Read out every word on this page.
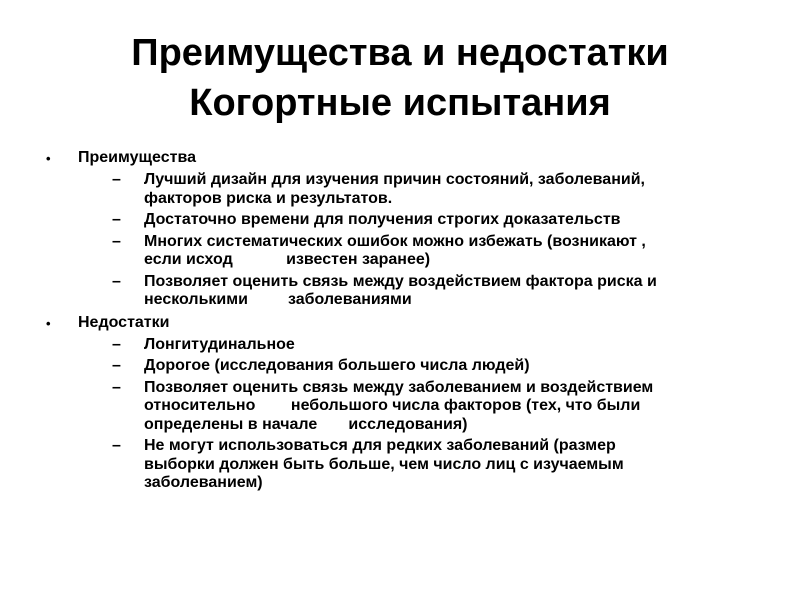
Преимущества и недостатки
Когортные испытания
• Преимущества
– Лучший дизайн для изучения причин состояний, заболеваний,
факторов риска и результатов.
– Достаточно времени для получения строгих доказательств
– Многих систематических ошибок можно избежать (возникают ,
если исход            известен заранее)
– Позволяет оценить связь между воздействием фактора риска и
несколькими         заболеваниями
• Недостатки
– Лонгитудинальное
– Дорогое (исследования большего числа людей)
– Позволяет оценить связь между заболеванием и воздействием
относительно        небольшого числа факторов (тех, что были
определены в начале       исследования)
– Не могут использоваться для редких заболеваний (размер
выборки должен быть больше, чем число лиц с изучаемым
заболеванием)
